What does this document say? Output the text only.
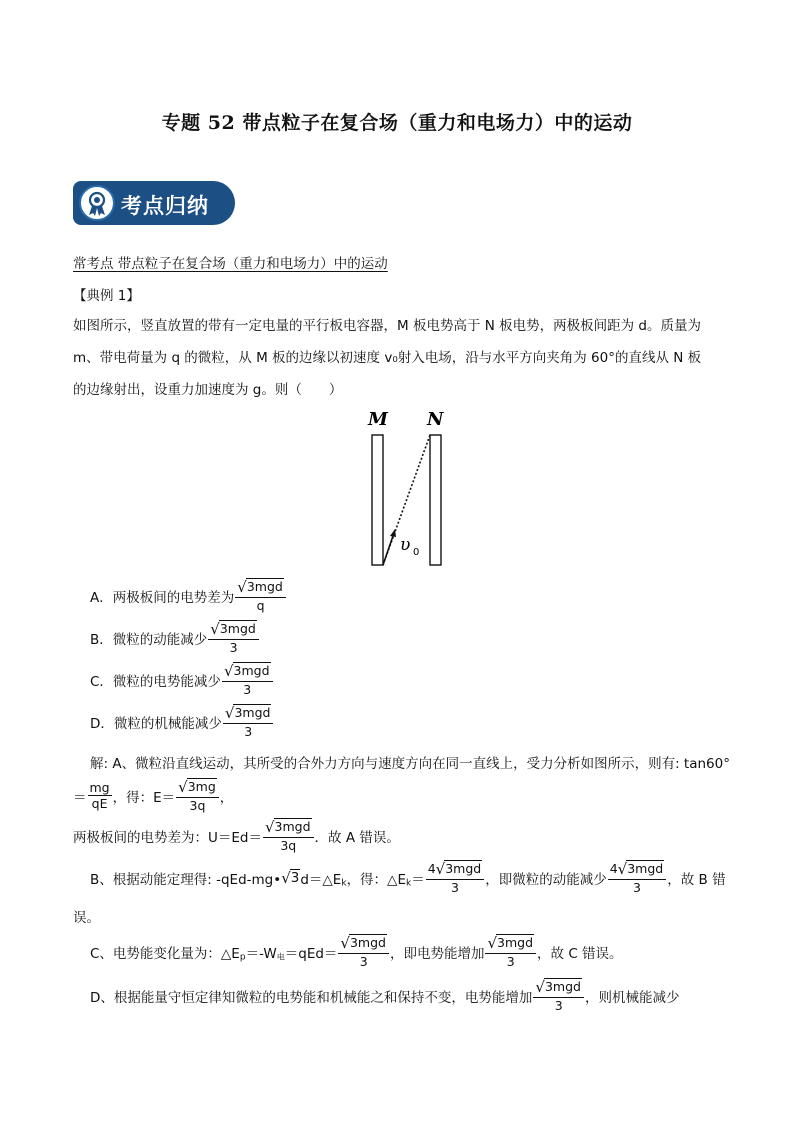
专题 52 带点粒子在复合场（重力和电场力）中的运动
考点归纳
常考点 带点粒子在复合场（重力和电场力）中的运动
【典例 1】
如图所示，竖直放置的带有一定电量的平行板电容器，M 板电势高于 N 板电势，两极板间距为 d。质量为
m、带电荷量为 q 的微粒，从 M 板的边缘以初速度 v₀射入电场，沿与水平方向夹角为 60°的直线从 N 板
的边缘射出，设重力加速度为 g。则（　　）
M N
υ 0
A．两极板间的电势差为 $\frac{\text{√3mgd}}{q}$
B．微粒的动能减少 $\frac{\text{√3mgd}}{3}$
C．微粒的电势能减少 $\frac{\text{√3mgd}}{3}$
D．微粒的机械能减少 $\frac{\text{√3mgd}}{3}$
解: A、微粒沿直线运动，其所受的合外力方向与速度方向在同一直线上，受力分析如图所示，则有: tan60°
＝ $\frac{mg}{qE}$ ，得：$E= \frac{√3mg}{3q}$ ，
两极板间的电势差为：$U=Ed= \frac{\text{√3mgd}}{3q}$ ．故 A 错误。
B、根据动能定理得: $-qEd-mg•√3d=\triangle E_k$，得：$\triangle E_k= \frac{\text{4√3mgd}}{3}$ ，即微粒的动能减少 $\frac{\text{4√3mgd}}{3}$ ，故 B 错
误。
C、电势能变化量为：$\triangle E_p=-W_电=qEd= \frac{\text{√3mgd}}{3}$ ，即电势能增加 $\frac{\text{√3mgd}}{3}$ ，故 C 错误。
D、根据能量守恒定律知微粒的电势能和机械能之和保持不变，电势能增加 $\frac{\text{√3mgd}}{3}$ ，则机械能减少
